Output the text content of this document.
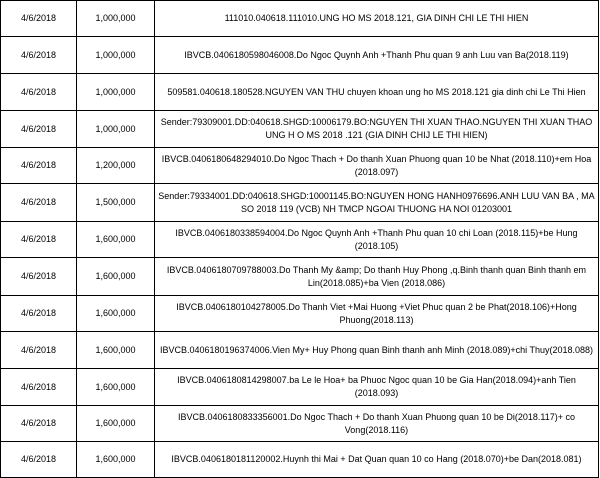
4/6/2018	1,000,000	111010.040618.111010.UNG HO MS 2018.121, GIA DINH CHI LE THI HIEN
4/6/2018	1,000,000	IBVCB.0406180598046008.Do Ngoc Quynh Anh +Thanh Phu quan 9 anh Luu van Ba(2018.119)
4/6/2018	1,000,000	509581.040618.180528.NGUYEN VAN THU chuyen khoan ung ho MS 2018.121 gia dinh chi Le Thi Hien
4/6/2018	1,000,000	Sender:79309001.DD:040618.SHGD:10006179.BO:NGUYEN THI XUAN THAO.NGUYEN THI XUAN THAO UNG H O MS 2018 .121 (GIA DINH CHIJ LE THI HIEN)
4/6/2018	1,200,000	IBVCB.0406180648294010.Do Ngoc Thach + Do thanh Xuan Phuong quan 10 be Nhat (2018.110)+em Hoa (2018.097)
4/6/2018	1,500,000	Sender:79334001.DD:040618.SHGD:10001145.BO:NGUYEN HONG HANH0976696.ANH LUU VAN BA , MA SO 2018 119 (VCB) NH TMCP NGOAI THUONG HA NOI 01203001
4/6/2018	1,600,000	IBVCB.0406180338594004.Do Ngoc Quynh Anh +Thanh Phu quan 10 chi Loan (2018.115)+be Hung (2018.105)
4/6/2018	1,600,000	IBVCB.0406180709788003.Do Thanh My &amp; Do thanh Huy Phong ,q.Binh thanh quan Binh thanh em Lin(2018.085)+ba Vien (2018.086)
4/6/2018	1,600,000	IBVCB.0406180104278005.Do Thanh Viet +Mai Huong +Viet Phuc quan 2 be Phat(2018.106)+Hong Phuong(2018.113)
4/6/2018	1,600,000	IBVCB.0406180196374006.Vien My+ Huy Phong quan Binh thanh anh Minh (2018.089)+chi Thuy(2018.088)
4/6/2018	1,600,000	IBVCB.0406180814298007.ba Le le Hoa+ ba Phuoc Ngoc quan 10 be Gia Han(2018.094)+anh Tien (2018.093)
4/6/2018	1,600,000	IBVCB.0406180833356001.Do Ngoc Thach + Do thanh Xuan Phuong quan 10 be Di(2018.117)+ co Vong(2018.116)
4/6/2018	1,600,000	IBVCB.0406180181120002.Huynh thi Mai + Dat Quan quan 10 co Hang (2018.070)+be Dan(2018.081)
